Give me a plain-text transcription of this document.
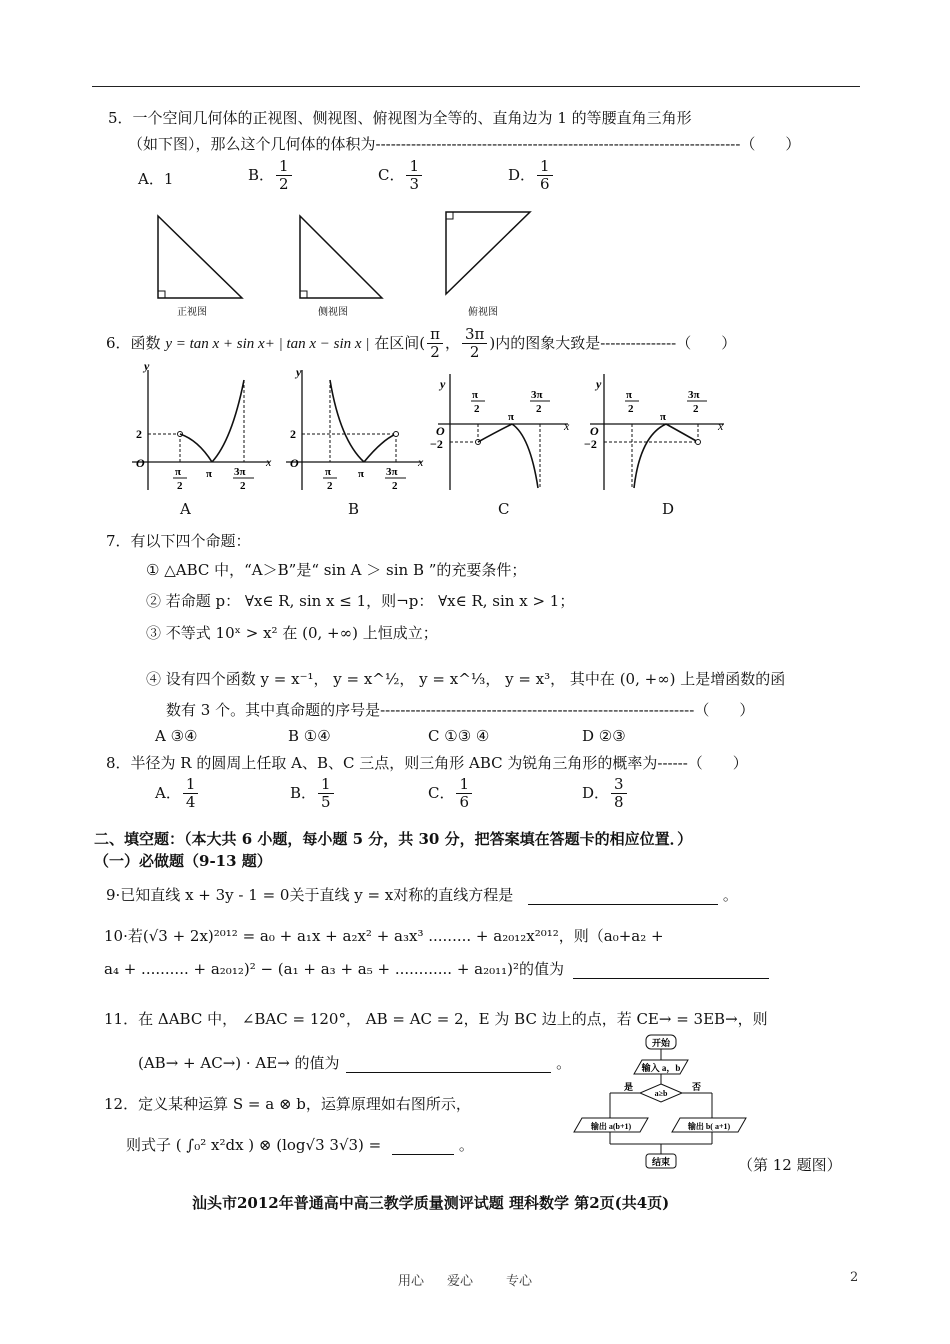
5．一个空间几何体的正视图、侧视图、俯视图为全等的、直角边为 1 的等腰直角三角形
（如下图），那么这个几何体的体积为------------------------------------------------------------------------（　　）
A．1	B． $\frac{1}{2}$	C． $\frac{1}{3}$	D． $\frac{1}{6}$
正视图	侧视图	俯视图
6．函数 y = tan x + sin x+ | tan x − sin x | 在区间( $\frac{\pi}{2}$ ， $\frac{3\pi}{2}$ )内的图象大致是---------------（　　）
y
x
O
2
π
π
2
3π
2
y
x
O
2
π
π
2
3π
2
y
x
O
−2
π
π
2
3π
2
y
x
O
−2
π
π
2
3π
2
A	B	C	D
7．有以下四个命题：
① △ABC 中，“A＞B”是“ sin A ＞ sin B ”的充要条件；
② 若命题 p： ∀x∈ R, sin x ≤ 1，则¬p： ∀x∈ R, sin x > 1；
③ 不等式 10ˣ > x² 在 (0, +∞) 上恒成立；
④ 设有四个函数 y = x⁻¹， y = x^½， y = x^⅓， y = x³， 其中在 (0, +∞) 上是增函数的函
数有 3 个。其中真命题的序号是--------------------------------------------------------------（　　）
A ③④	B ①④	C ①③ ④	D ②③
8．半径为 R 的圆周上任取 A、B、C 三点，则三角形 ABC 为锐角三角形的概率为------（　　）
A． $\frac{1}{4}$	B． $\frac{1}{5}$	C． $\frac{1}{6}$	D． $\frac{3}{8}$
二、填空题：（本大共 6 小题，每小题 5 分，共 30 分，把答案填在答题卡的相应位置．）
（一）必做题（9-13 题）
9·已知直线 x + 3y - 1 = 0关于直线 y = x对称的直线方程是	。
10·若(√3 + 2x)²⁰¹² = a₀ + a₁x + a₂x² + a₃x³ ......... + a₂₀₁₂x²⁰¹²，则（a₀+a₂ +
a₄ + .......... + a₂₀₁₂)² − (a₁ + a₃ + a₅ + ............ + a₂₀₁₁)²的值为
11．在 ΔABC 中， ∠BAC = 120°， AB = AC = 2，E 为 BC 边上的点，若 CE→ = 3EB→，则
(AB→ + AC→) · AE→ 的值为	。
12．定义某种运算 S = a ⊗ b，运算原理如右图所示，
则式子 ( ∫₀² x²dx ) ⊗ (log√3 3√3) =	。
开始
输入 a，b
a≥b
是	否
输出 a(b+1)	输出 b( a+1)
结束	（第 12 题图）
汕头市2012年普通高中高三教学质量测评试题 理科数学 第2页(共4页)
用心 爱心	专心	2
